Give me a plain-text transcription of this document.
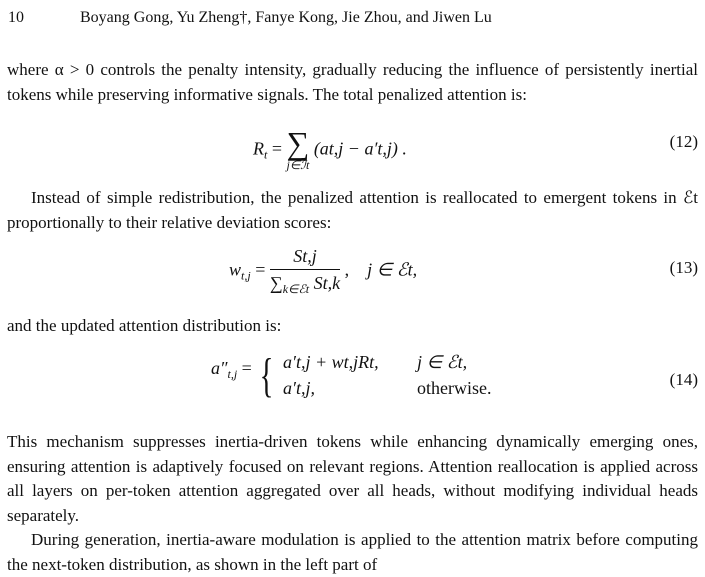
10	Boyang Gong, Yu Zheng†, Fanye Kong, Jie Zhou, and Jiwen Lu

where α > 0 controls the penalty intensity, gradually reducing the influence of persistently inertial tokens while preserving informative signals. The total penalized attention is:

$R_t$ = ∑
j∈ℐt
(at,j − a′t,j) .	(12)

Instead of simple redistribution, the penalized attention is reallocated to emergent tokens in ℰt proportionally to their relative deviation scores:

$w_{t,j} = \frac{St,j}{\sum_{k\in ℰt} St,k}$ ,    j ∈ ℰt,	(13)

and the updated attention distribution is:

$a''_{t,j}$ = { a′t,j + wt,jRt, j ∈ ℰt,
a′t,j,	otherwise.	(14)

This mechanism suppresses inertia-driven tokens while enhancing dynamically emerging ones, ensuring attention is adaptively focused on relevant regions. Attention reallocation is applied across all layers on per-token attention aggregated over all heads, without modifying individual heads separately.

During generation, inertia-aware modulation is applied to the attention matrix before computing the next-token distribution, as shown in the left part of
